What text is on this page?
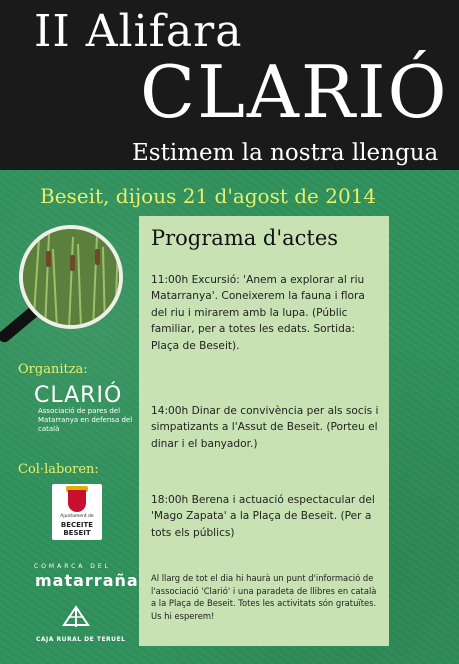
II Alifara
CLARIÓ
Estimem la nostra llengua
Beseit, dijous 21 d'agost de 2014
Organitza:
CLARIÓ
Associació de pares del Matarranya en defensa del català
Col·laboren:
Ajuntament de
BECEITE
BESEIT
COMARCA DEL
matarraña
CAJA RURAL DE TERUEL
Programa d'actes
11:00h Excursió: 'Anem a explorar al riu Matarranya'. Coneixerem la fauna i flora del riu i mirarem amb la lupa. (Públic familiar, per a totes les edats. Sortida: Plaça de Beseit).
14:00h Dinar de convivència per als socis i simpatizants a l'Assut de Beseit. (Porteu el dinar i el banyador.)
18:00h Berena i actuació espectacular del 'Mago Zapata' a la Plaça de Beseit. (Per a tots els públics)
Al llarg de tot el dia hi haurà un punt d'informació de l'associació 'Clarió' i una paradeta de llibres en català a la Plaça de Beseit. Totes les activitats són gratuïtes. Us hi esperem!
